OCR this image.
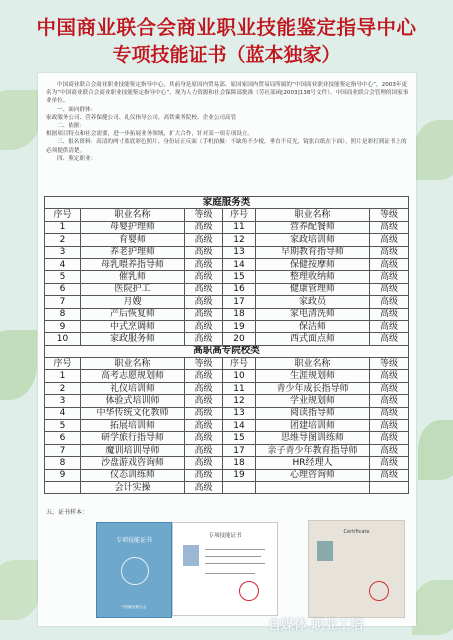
中国商业联合会商业职业技能鉴定指导中心
专项技能证书（蓝本独家）

中国商业联合会商业职业技能鉴定指导中心，其前身是原国内贸易部、原国家国内贸易局所属的“中国商业职业技能鉴定指导中心”，2003年更名为“中国商业联合会商业职业技能鉴定指导中心”。现为人力资源和社会保障部批准（劳社部函[2003]138号文件）、中国商业联合会管理的国家事业单位。

一、面向群体：

家政服务公司、营养保健公司、礼仪指导公司、高铁乘务院校、企业公司高管

二、依据：

根据项目特点和社会需要，进一步拓展业务领域，扩大合作，针对某一项专项设立。

三、报名资料：高清的两寸蓝底彩色照片、身份证正反面（手机拍摄：不缺角不少棱，垂直不反光，镜张白纸在下面），照片是彩打到证书上的必须提供清楚。

四、鉴定职业：

家庭服务类					
序号	职业名称	等级	序号	职业名称	等级
1	母婴护理师	高级	11	营养配餐师	高级
2	育婴师	高级	12	家政培训师	高级
3	养老护理师	高级	13	早期教育指导师	高级
4	母乳喂养指导师	高级	14	保健按摩师	高级
5	催乳师	高级	15	整理收纳师	高级
6	医院护工	高级	16	健康管理师	高级
7	月嫂	高级	17	家政员	高级
8	产后恢复师	高级	18	家电清洗师	高级
9	中式烹调师	高级	19	保洁师	高级
10	家政服务师	高级	20	西式面点师	高级
高职高专院校类					
序号	职业名称	等级	序号	职业名称	等级
1	高考志愿规划师	高级	10	生涯规划师	高级
2	礼仪培训师	高级	11	青少年成长指导师	高级
3	体验式培训师	高级	12	学业规划师	高级
4	中华传统文化教师	高级	13	阅读指导师	高级
5	拓展培训师	高级	14	团建培训师	高级
6	研学旅行指导师	高级	15	思维导图训练师	高级
7	魔训培训导师	高级	17	亲子青少年教育指导师	高级
8	沙盘游戏咨询师	高级	18	HR经理人	高级
9	仪态训练师	高级	19	心理咨询师	高级
	会计实操	高级			
五、证书样本：
专项技能证书
中国商业联合会
专项技能证书
Certificate
自媒体 职业工培
